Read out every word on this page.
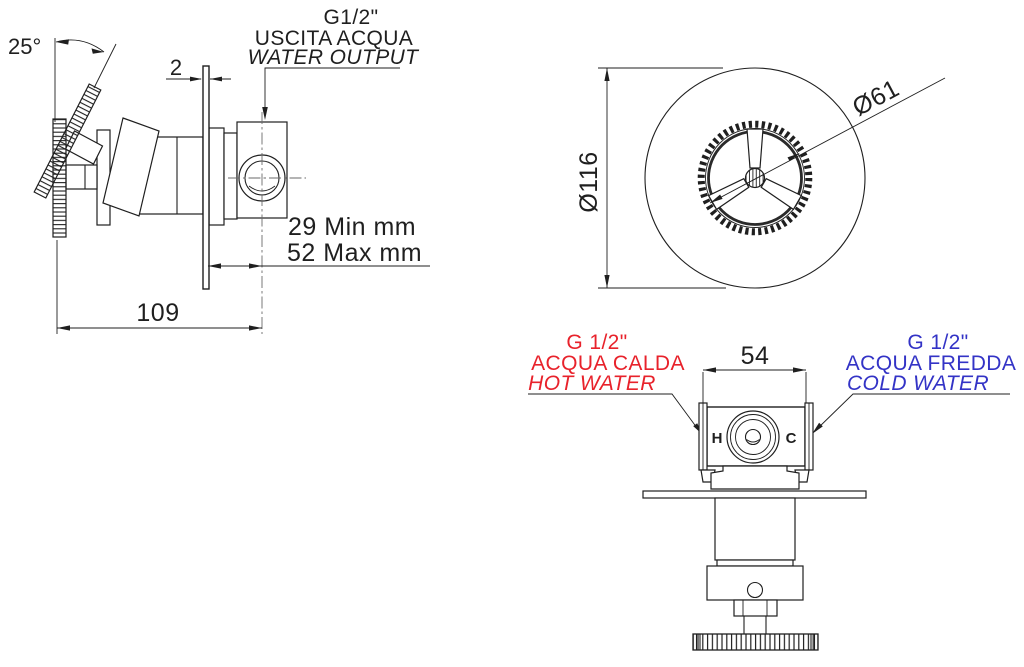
25°
2
G1/2"
USCITA ACQUA
WATER OUTPUT
29 Min mm
52 Max mm
109
Ø116
Ø61
54
G 1/2"
ACQUA CALDA
HOT WATER
G 1/2"
ACQUA FREDDA
COLD WATER
H	C
